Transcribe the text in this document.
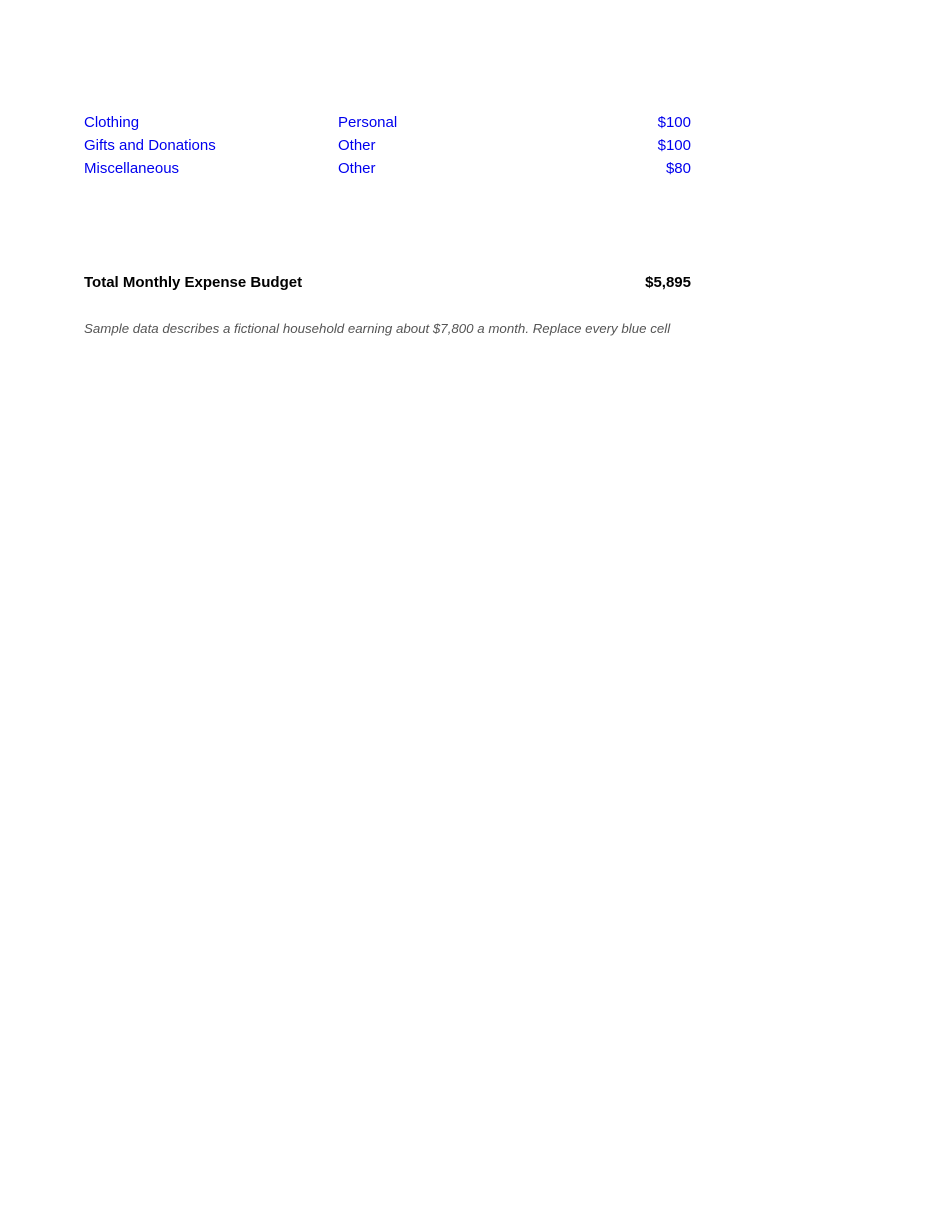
Clothing	Personal	$100
Gifts and Donations	Other	$100
Miscellaneous	Other	$80
Total Monthly Expense Budget	$5,895
Sample data describes a fictional household earning about $7,800 a month. Replace every blue cell
